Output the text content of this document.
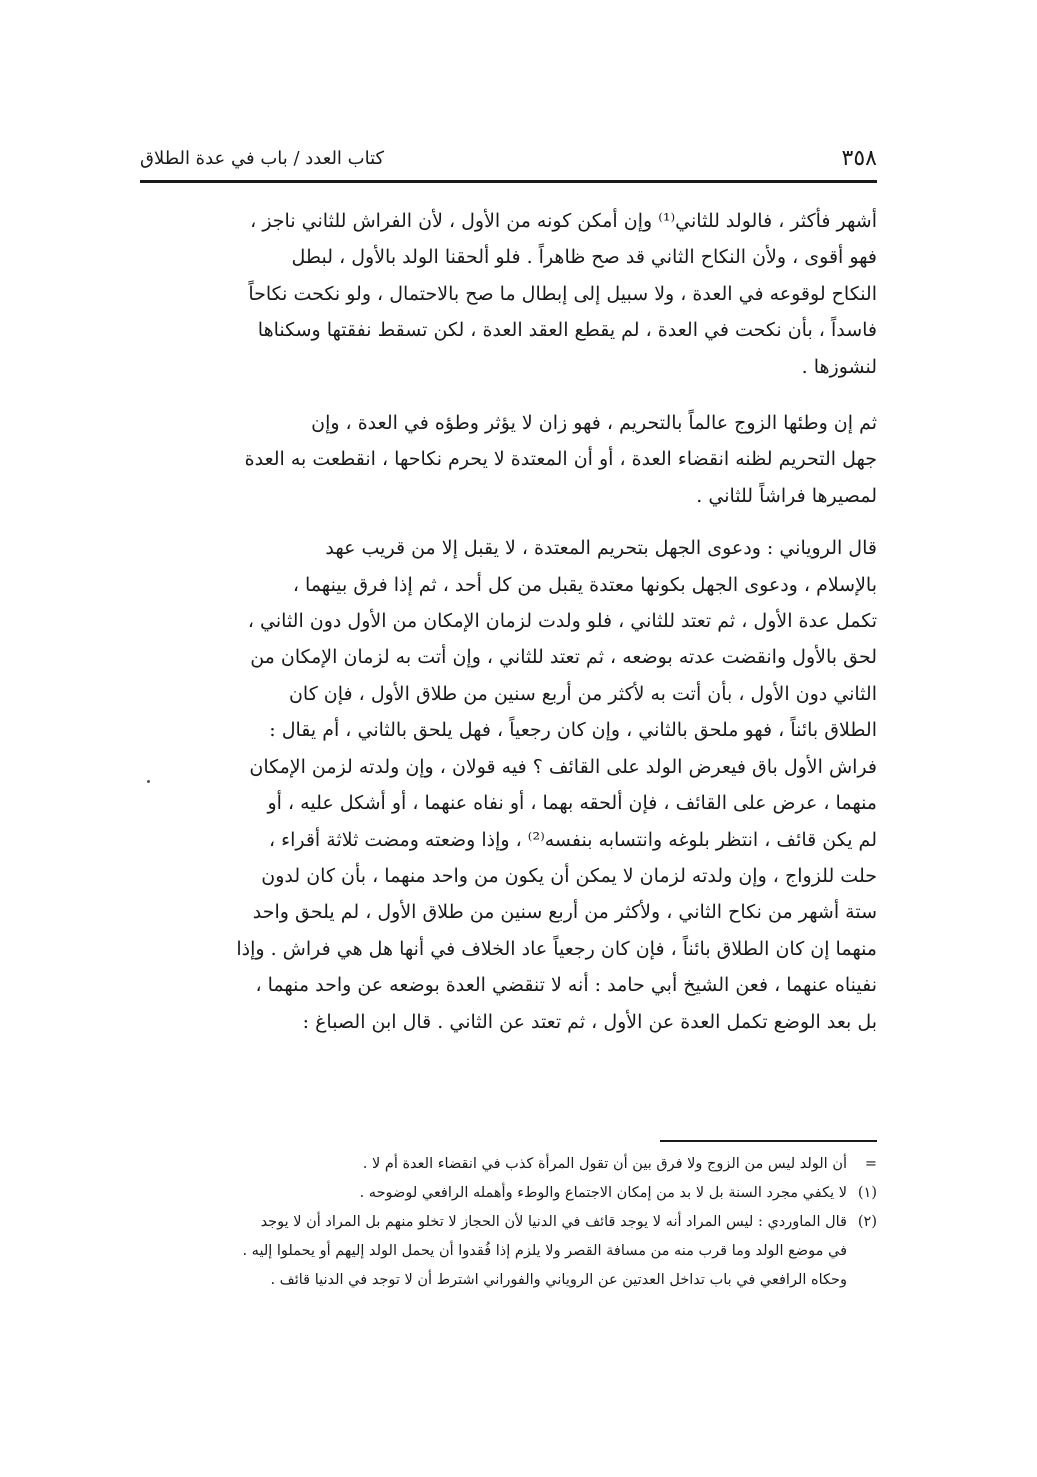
٣٥٨
كتاب العدد / باب في عدة الطلاق
أشهر فأكثر ، فالولد للثاني⁽¹⁾ وإن أمكن كونه من الأول ، لأن الفراش للثاني ناجز ،
فهو أقوى ، ولأن النكاح الثاني قد صح ظاهراً . فلو ألحقنا الولد بالأول ، لبطل
النكاح لوقوعه في العدة ، ولا سبيل إلى إبطال ما صح بالاحتمال ، ولو نكحت نكاحاً
فاسداً ، بأن نكحت في العدة ، لم يقطع العقد العدة ، لكن تسقط نفقتها وسكناها
لنشوزها .
ثم إن وطئها الزوج عالماً بالتحريم ، فهو زان لا يؤثر وطؤه في العدة ، وإن
جهل التحريم لظنه انقضاء العدة ، أو أن المعتدة لا يحرم نكاحها ، انقطعت به العدة
لمصيرها فراشاً للثاني .
قال الروياني : ودعوى الجهل بتحريم المعتدة ، لا يقبل إلا من قريب عهد
بالإسلام ، ودعوى الجهل بكونها معتدة يقبل من كل أحد ، ثم إذا فرق بينهما ،
تكمل عدة الأول ، ثم تعتد للثاني ، فلو ولدت لزمان الإمكان من الأول دون الثاني ،
لحق بالأول وانقضت عدته بوضعه ، ثم تعتد للثاني ، وإن أتت به لزمان الإمكان من
الثاني دون الأول ، بأن أتت به لأكثر من أربع سنين من طلاق الأول ، فإن كان
الطلاق بائناً ، فهو ملحق بالثاني ، وإن كان رجعياً ، فهل يلحق بالثاني ، أم يقال :
فراش الأول باق فيعرض الولد على القائف ؟ فيه قولان ، وإن ولدته لزمن الإمكان
منهما ، عرض على القائف ، فإن ألحقه بهما ، أو نفاه عنهما ، أو أشكل عليه ، أو
لم يكن قائف ، انتظر بلوغه وانتسابه بنفسه⁽²⁾ ، وإذا وضعته ومضت ثلاثة أقراء ،
حلت للزواج ، وإن ولدته لزمان لا يمكن أن يكون من واحد منهما ، بأن كان لدون
ستة أشهر من نكاح الثاني ، ولأكثر من أربع سنين من طلاق الأول ، لم يلحق واحد
منهما إن كان الطلاق بائناً ، فإن كان رجعياً عاد الخلاف في أنها هل هي فراش . وإذا
نفيناه عنهما ، فعن الشيخ أبي حامد : أنه لا تنقضي العدة بوضعه عن واحد منهما ،
بل بعد الوضع تكمل العدة عن الأول ، ثم تعتد عن الثاني . قال ابن الصباغ :
=أن الولد ليس من الزوج ولا فرق بين أن تقول المرأة كذب في انقضاء العدة أم لا .
(١)لا يكفي مجرد السنة بل لا بد من إمكان الاجتماع والوطء وأهمله الرافعي لوضوحه .
(٢)قال الماوردي : ليس المراد أنه لا يوجد قائف في الدنيا لأن الحجاز لا تخلو منهم بل المراد أن لا يوجد
في موضع الولد وما قرب منه من مسافة القصر ولا يلزم إذا فُقدوا أن يحمل الولد إليهم أو يحملوا إليه .
وحكاه الرافعي في باب تداخل العدتين عن الروياني والفوراني اشترط أن لا توجد في الدنيا قائف .
